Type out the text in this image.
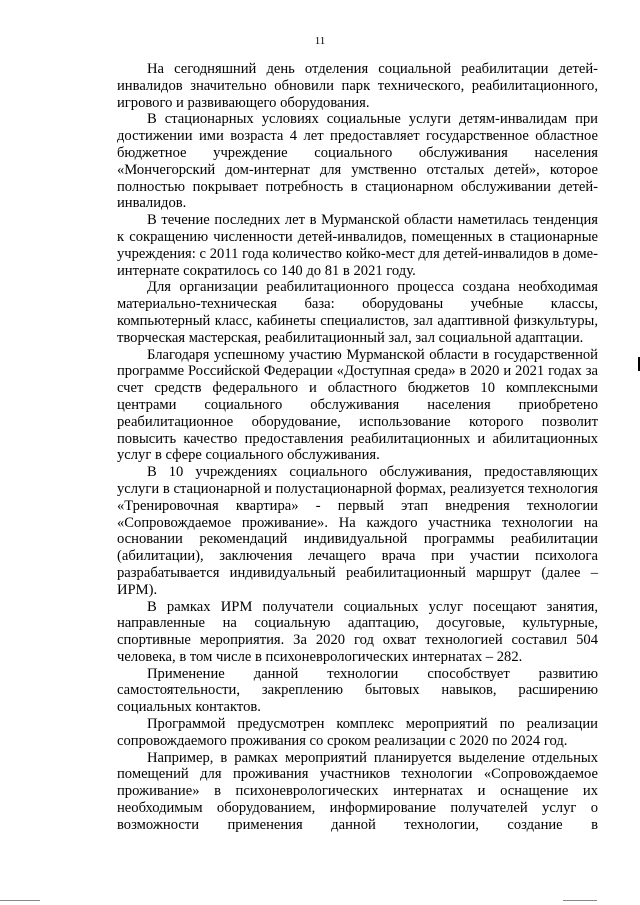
11

На сегодняшний день отделения социальной реабилитации детей-инвалидов значительно обновили парк технического, реабилитационного, игрового и развивающего оборудования.

В стационарных условиях социальные услуги детям-инвалидам при достижении ими возраста 4 лет предоставляет государственное областное бюджетное учреждение социального обслуживания населения «Мончегорский дом-интернат для умственно отсталых детей», которое полностью покрывает потребность в стационарном обслуживании детей-инвалидов.

В течение последних лет в Мурманской области наметилась тенденция к сокращению численности детей-инвалидов, помещенных в стационарные учреждения: с 2011 года количество койко-мест для детей-инвалидов в доме-интернате сократилось со 140 до 81 в 2021 году.

Для организации реабилитационного процесса создана необходимая материально-техническая база: оборудованы учебные классы, компьютерный класс, кабинеты специалистов, зал адаптивной физкультуры, творческая мастерская, реабилитационный зал, зал социальной адаптации.

Благодаря успешному участию Мурманской области в государственной программе Российской Федерации «Доступная среда» в 2020 и 2021 годах за счет средств федерального и областного бюджетов 10 комплексными центрами социального обслуживания населения приобретено реабилитационное оборудование, использование которого позволит повысить качество предоставления реабилитационных и абилитационных услуг в сфере социального обслуживания.

В 10 учреждениях социального обслуживания, предоставляющих услуги в стационарной и полустационарной формах, реализуется технология «Тренировочная квартира» - первый этап внедрения технологии «Сопровождаемое проживание». На каждого участника технологии на основании рекомендаций индивидуальной программы реабилитации (абилитации), заключения лечащего врача при участии психолога разрабатывается индивидуальный реабилитационный маршрут (далее – ИРМ).

В рамках ИРМ получатели социальных услуг посещают занятия, направленные на социальную адаптацию, досуговые, культурные, спортивные мероприятия. За 2020 год охват технологией составил 504 человека, в том числе в психоневрологических интернатах – 282.

Применение данной технологии способствует развитию самостоятельности, закреплению бытовых навыков, расширению социальных контактов.

Программой предусмотрен комплекс мероприятий по реализации сопровождаемого проживания со сроком реализации с 2020 по 2024 год.

Например, в рамках мероприятий планируется выделение отдельных помещений для проживания участников технологии «Сопровождаемое проживание» в психоневрологических интернатах и оснащение их необходимым оборудованием, информирование получателей услуг о возможности применения данной технологии, создание в
